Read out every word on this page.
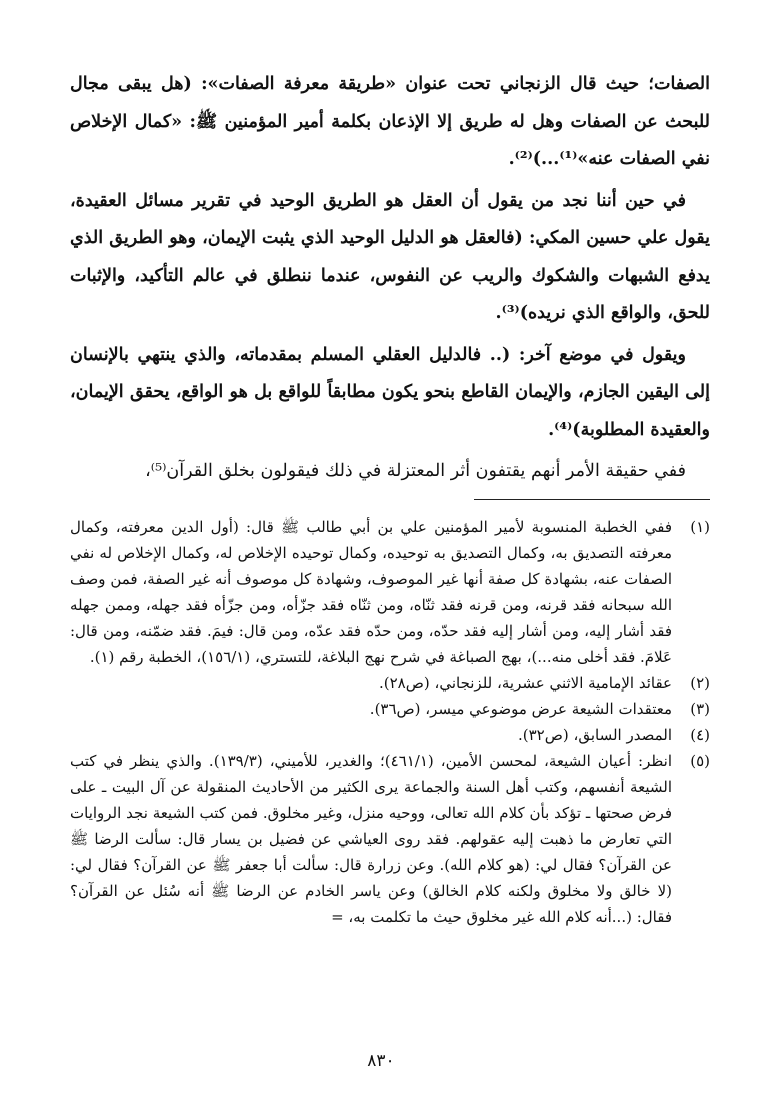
الصفات؛ حيث قال الزنجاني تحت عنوان «طريقة معرفة الصفات»: (هل يبقى مجال للبحث عن الصفات وهل له طريق إلا الإذعان بكلمة أمير المؤمنين ﷺ: «كمال الإخلاص نفي الصفات عنه»⁽¹⁾...)⁽²⁾.

في حين أننا نجد من يقول أن العقل هو الطريق الوحيد في تقرير مسائل العقيدة، يقول علي حسين المكي: (فالعقل هو الدليل الوحيد الذي يثبت الإيمان، وهو الطريق الذي يدفع الشبهات والشكوك والريب عن النفوس، عندما ننطلق في عالم التأكيد، والإثبات للحق، والواقع الذي نريده)⁽³⁾.

ويقول في موضع آخر: (.. فالدليل العقلي المسلم بمقدماته، والذي ينتهي بالإنسان إلى اليقين الجازم، والإيمان القاطع بنحو يكون مطابقاً للواقع بل هو الواقع، يحقق الإيمان، والعقيدة المطلوبة)⁽⁴⁾.

ففي حقيقة الأمر أنهم يقتفون أثر المعتزلة في ذلك فيقولون بخلق القرآن⁽⁵⁾،

(١)
ففي الخطبة المنسوبة لأمير المؤمنين علي بن أبي طالب ﷺ قال: (أول الدين معرفته، وكمال معرفته التصديق به، وكمال التصديق به توحيده، وكمال توحيده الإخلاص له، وكمال الإخلاص له نفي الصفات عنه، بشهادة كل صفة أنها غير الموصوف، وشهادة كل موصوف أنه غير الصفة، فمن وصف الله سبحانه فقد قرنه، ومن قرنه فقد ثنّاه، ومن ثنّاه فقد جزّأه، ومن جزّأه فقد جهله، وممن جهله فقد أشار إليه، ومن أشار إليه فقد حدّه، ومن حدّه فقد عدّه، ومن قال: فيمَ. فقد ضمّنه، ومن قال: عَلامَ. فقد أخلى منه...)، بهج الصباغة في شرح نهج البلاغة، للتستري، (١٥٦/١)، الخطبة رقم (١).
(٢)
عقائد الإمامية الاثني عشرية، للزنجاني، (ص٢٨).
(٣)
معتقدات الشيعة عرض موضوعي ميسر، (ص٣٦).
(٤)
المصدر السابق، (ص٣٢).
(٥)
انظر: أعيان الشيعة، لمحسن الأمين، (٤٦١/١)؛ والغدير، للأميني، (١٣٩/٣). والذي ينظر في كتب الشيعة أنفسهم، وكتب أهل السنة والجماعة يرى الكثير من الأحاديث المنقولة عن آل البيت ـ على فرض صحتها ـ تؤكد بأن كلام الله تعالى، ووحيه منزل، وغير مخلوق. فمن كتب الشيعة نجد الروايات التي تعارض ما ذهبت إليه عقولهم. فقد روى العياشي عن فضيل بن يسار قال: سألت الرضا ﷺ عن القرآن؟ فقال لي: (هو كلام الله). وعن زرارة قال: سألت أبا جعفر ﷺ عن القرآن؟ فقال لي: (لا خالق ولا مخلوق ولكنه كلام الخالق) وعن ياسر الخادم عن الرضا ﷺ أنه سُئل عن القرآن؟ فقال: (...أنه كلام الله غير مخلوق حيث ما تكلمت به، =
٨٣٠
